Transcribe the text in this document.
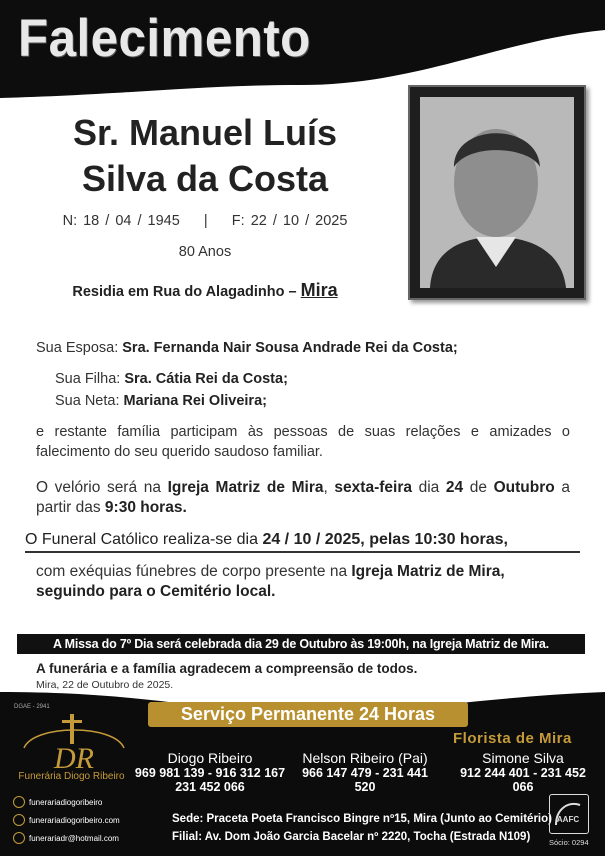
Falecimento
Sr. Manuel Luís
Silva da Costa
N: 18 / 04 / 1945    |    F: 22 / 10 / 2025
80 Anos
Residia em Rua do Alagadinho – Mira
Sua Esposa: Sra. Fernanda Nair Sousa Andrade Rei da Costa;
Sua Filha: Sra. Cátia Rei da Costa;
Sua Neta: Mariana Rei Oliveira;
e restante família participam às pessoas de suas relações e amizades o falecimento do seu querido saudoso familiar.
O velório será na Igreja Matriz de Mira, sexta-feira dia 24 de Outubro a partir das 9:30 horas.
O Funeral Católico realiza-se dia 24 / 10 / 2025, pelas 10:30 horas,
com exéquias fúnebres de corpo presente na Igreja Matriz de Mira,
seguindo para o Cemitério local.
A Missa do 7º Dia será celebrada dia 29 de Outubro às 19:00h, na Igreja Matriz de Mira.
A funerária e a família agradecem a compreensão de todos.
Mira, 22 de Outubro de 2025.
DGAE - 2941	Serviço Permanente 24 Horas
Florista de Mira
DR
Funerária Diogo Ribeiro
Diogo Ribeiro
969 981 139 - 916 312 167
231 452 066
Nelson Ribeiro (Pai)
966 147 479 - 231 441 520
Simone Silva
912 244 401 - 231 452 066
funerariadiogoribeiro
funerariadiogoribeiro.com
funerariadr@hotmail.com
Sede: Praceta Poeta Francisco Bingre nº15, Mira (Junto ao Cemitério)
Filial: Av. Dom João Garcia Bacelar nº 2220, Tocha (Estrada N109)
AAFC
Sócio: 0294
